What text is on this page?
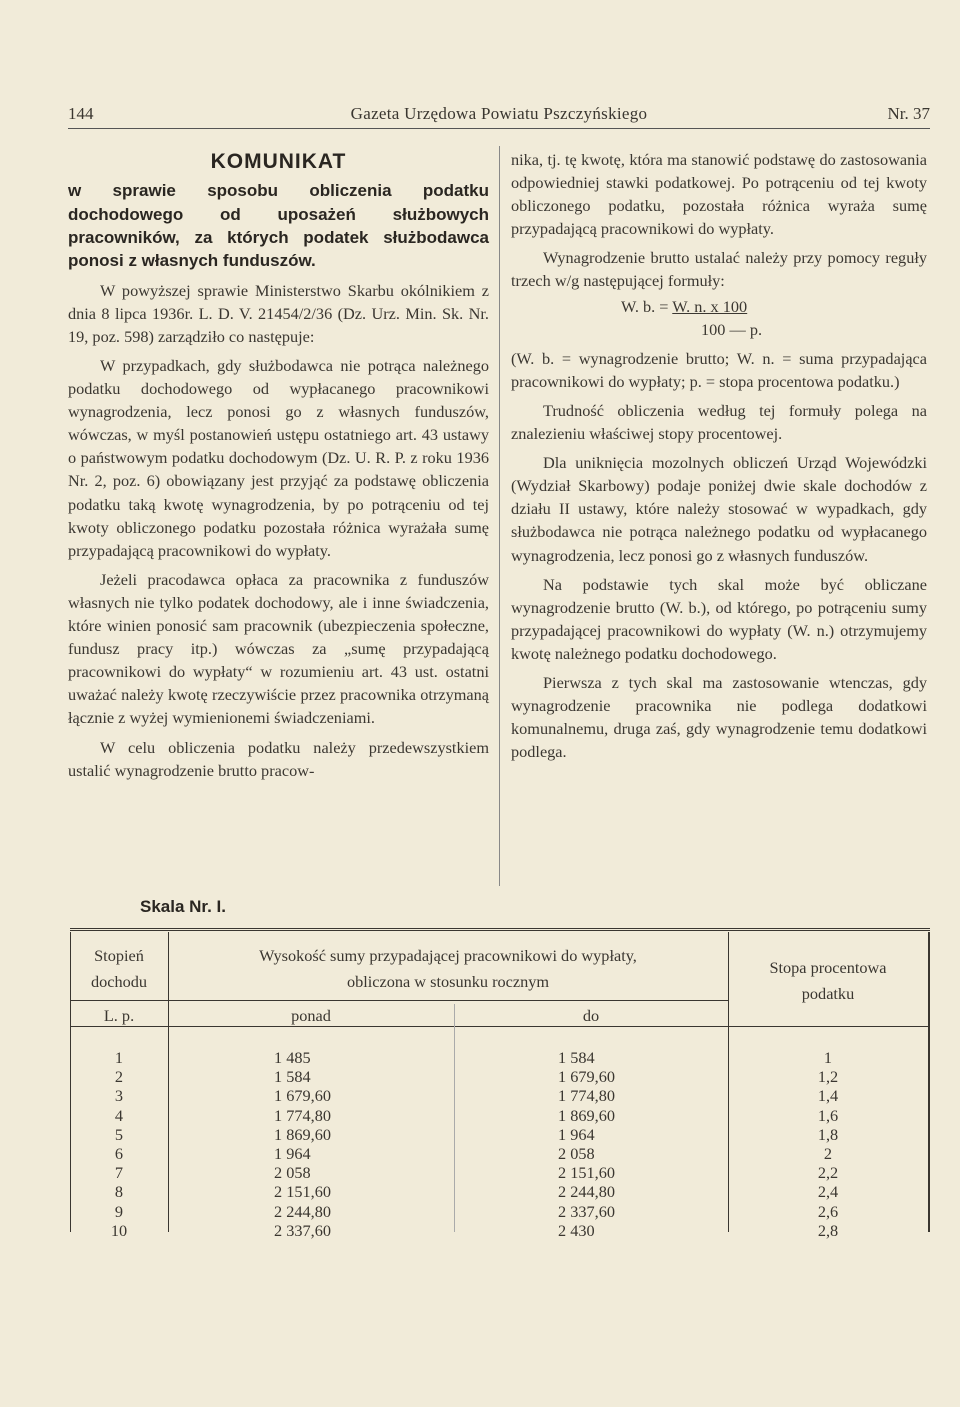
144	Gazeta Urzędowa Powiatu Pszczyńskiego	Nr. 37

KOMUNIKAT

w sprawie sposobu obliczenia podatku dochodowego od uposażeń służbowych pracowników, za których podatek służbodawca ponosi z własnych funduszów.

W powyższej sprawie Ministerstwo Skarbu okólnikiem z dnia 8 lipca 1936r. L. D. V. 21454/2/36 (Dz. Urz. Min. Sk. Nr. 19, poz. 598) zarządziło co następuje:

W przypadkach, gdy służbodawca nie potrąca należnego podatku dochodowego od wypłacanego pracownikowi wynagrodzenia, lecz ponosi go z własnych funduszów, wówczas, w myśl postanowień ustępu ostatniego art. 43 ustawy o państwowym podatku dochodowym (Dz. U. R. P. z roku 1936 Nr. 2, poz. 6) obowiązany jest przyjąć za podstawę obliczenia podatku taką kwotę wynagrodzenia, by po potrąceniu od tej kwoty obliczonego podatku pozostała różnica wyrażała sumę przypadającą pracownikowi do wypłaty.

Jeżeli pracodawca opłaca za pracownika z funduszów własnych nie tylko podatek dochodowy, ale i inne świadczenia, które winien ponosić sam pracownik (ubezpieczenia społeczne, fundusz pracy itp.) wówczas za „sumę przypadającą pracownikowi do wypłaty“ w rozumieniu art. 43 ust. ostatni uważać należy kwotę rzeczywiście przez pracownika otrzymaną łącznie z wyżej wymienionemi świadczeniami.

W celu obliczenia podatku należy przedewszystkiem ustalić wynagrodzenie brutto pracow-

nika, tj. tę kwotę, która ma stanowić podstawę do zastosowania odpowiedniej stawki podatkowej. Po potrąceniu od tej kwoty obliczonego podatku, pozostała różnica wyraża sumę przypadającą pracownikowi do wypłaty.

Wynagrodzenie brutto ustalać należy przy pomocy reguły trzech w/g następującej formuły:

W. b. = W. n. x 100
100 — p.

(W. b. = wynagrodzenie brutto; W. n. = suma przypadająca pracownikowi do wypłaty; p. = stopa procentowa podatku.)

Trudność obliczenia według tej formuły polega na znalezieniu właściwej stopy procentowej.

Dla uniknięcia mozolnych obliczeń Urząd Wojewódzki (Wydział Skarbowy) podaje poniżej dwie skale dochodów z działu II ustawy, które należy stosować w wypadkach, gdy służbodawca nie potrąca należnego podatku od wypłacanego wynagrodzenia, lecz ponosi go z własnych funduszów.

Na podstawie tych skal może być obliczane wynagrodzenie brutto (W. b.), od którego, po potrąceniu sumy przypadającej pracownikowi do wypłaty (W. n.) otrzymujemy kwotę należnego podatku dochodowego.

Pierwsza z tych skal ma zastosowanie wtenczas, gdy wynagrodzenie pracownika nie podlega dodatkowi komunalnemu, druga zaś, gdy wynagrodzenie temu dodatkowi podlega.

Skala Nr. I.
Stopień
dochodu
Wysokość sumy przypadającej pracownikowi do wypłaty,
obliczona w stosunku rocznym
Stopa procentowa
podatku
L. p.	ponad	do
1	1 485	1 584	1
2	1 584	1 679,60	1,2
3	1 679,60	1 774,80	1,4
4	1 774,80	1 869,60	1,6
5	1 869,60	1 964	1,8
6	1 964	2 058	2
7	2 058	2 151,60	2,2
8	2 151,60	2 244,80	2,4
9	2 244,80	2 337,60	2,6
10	2 337,60	2 430	2,8
